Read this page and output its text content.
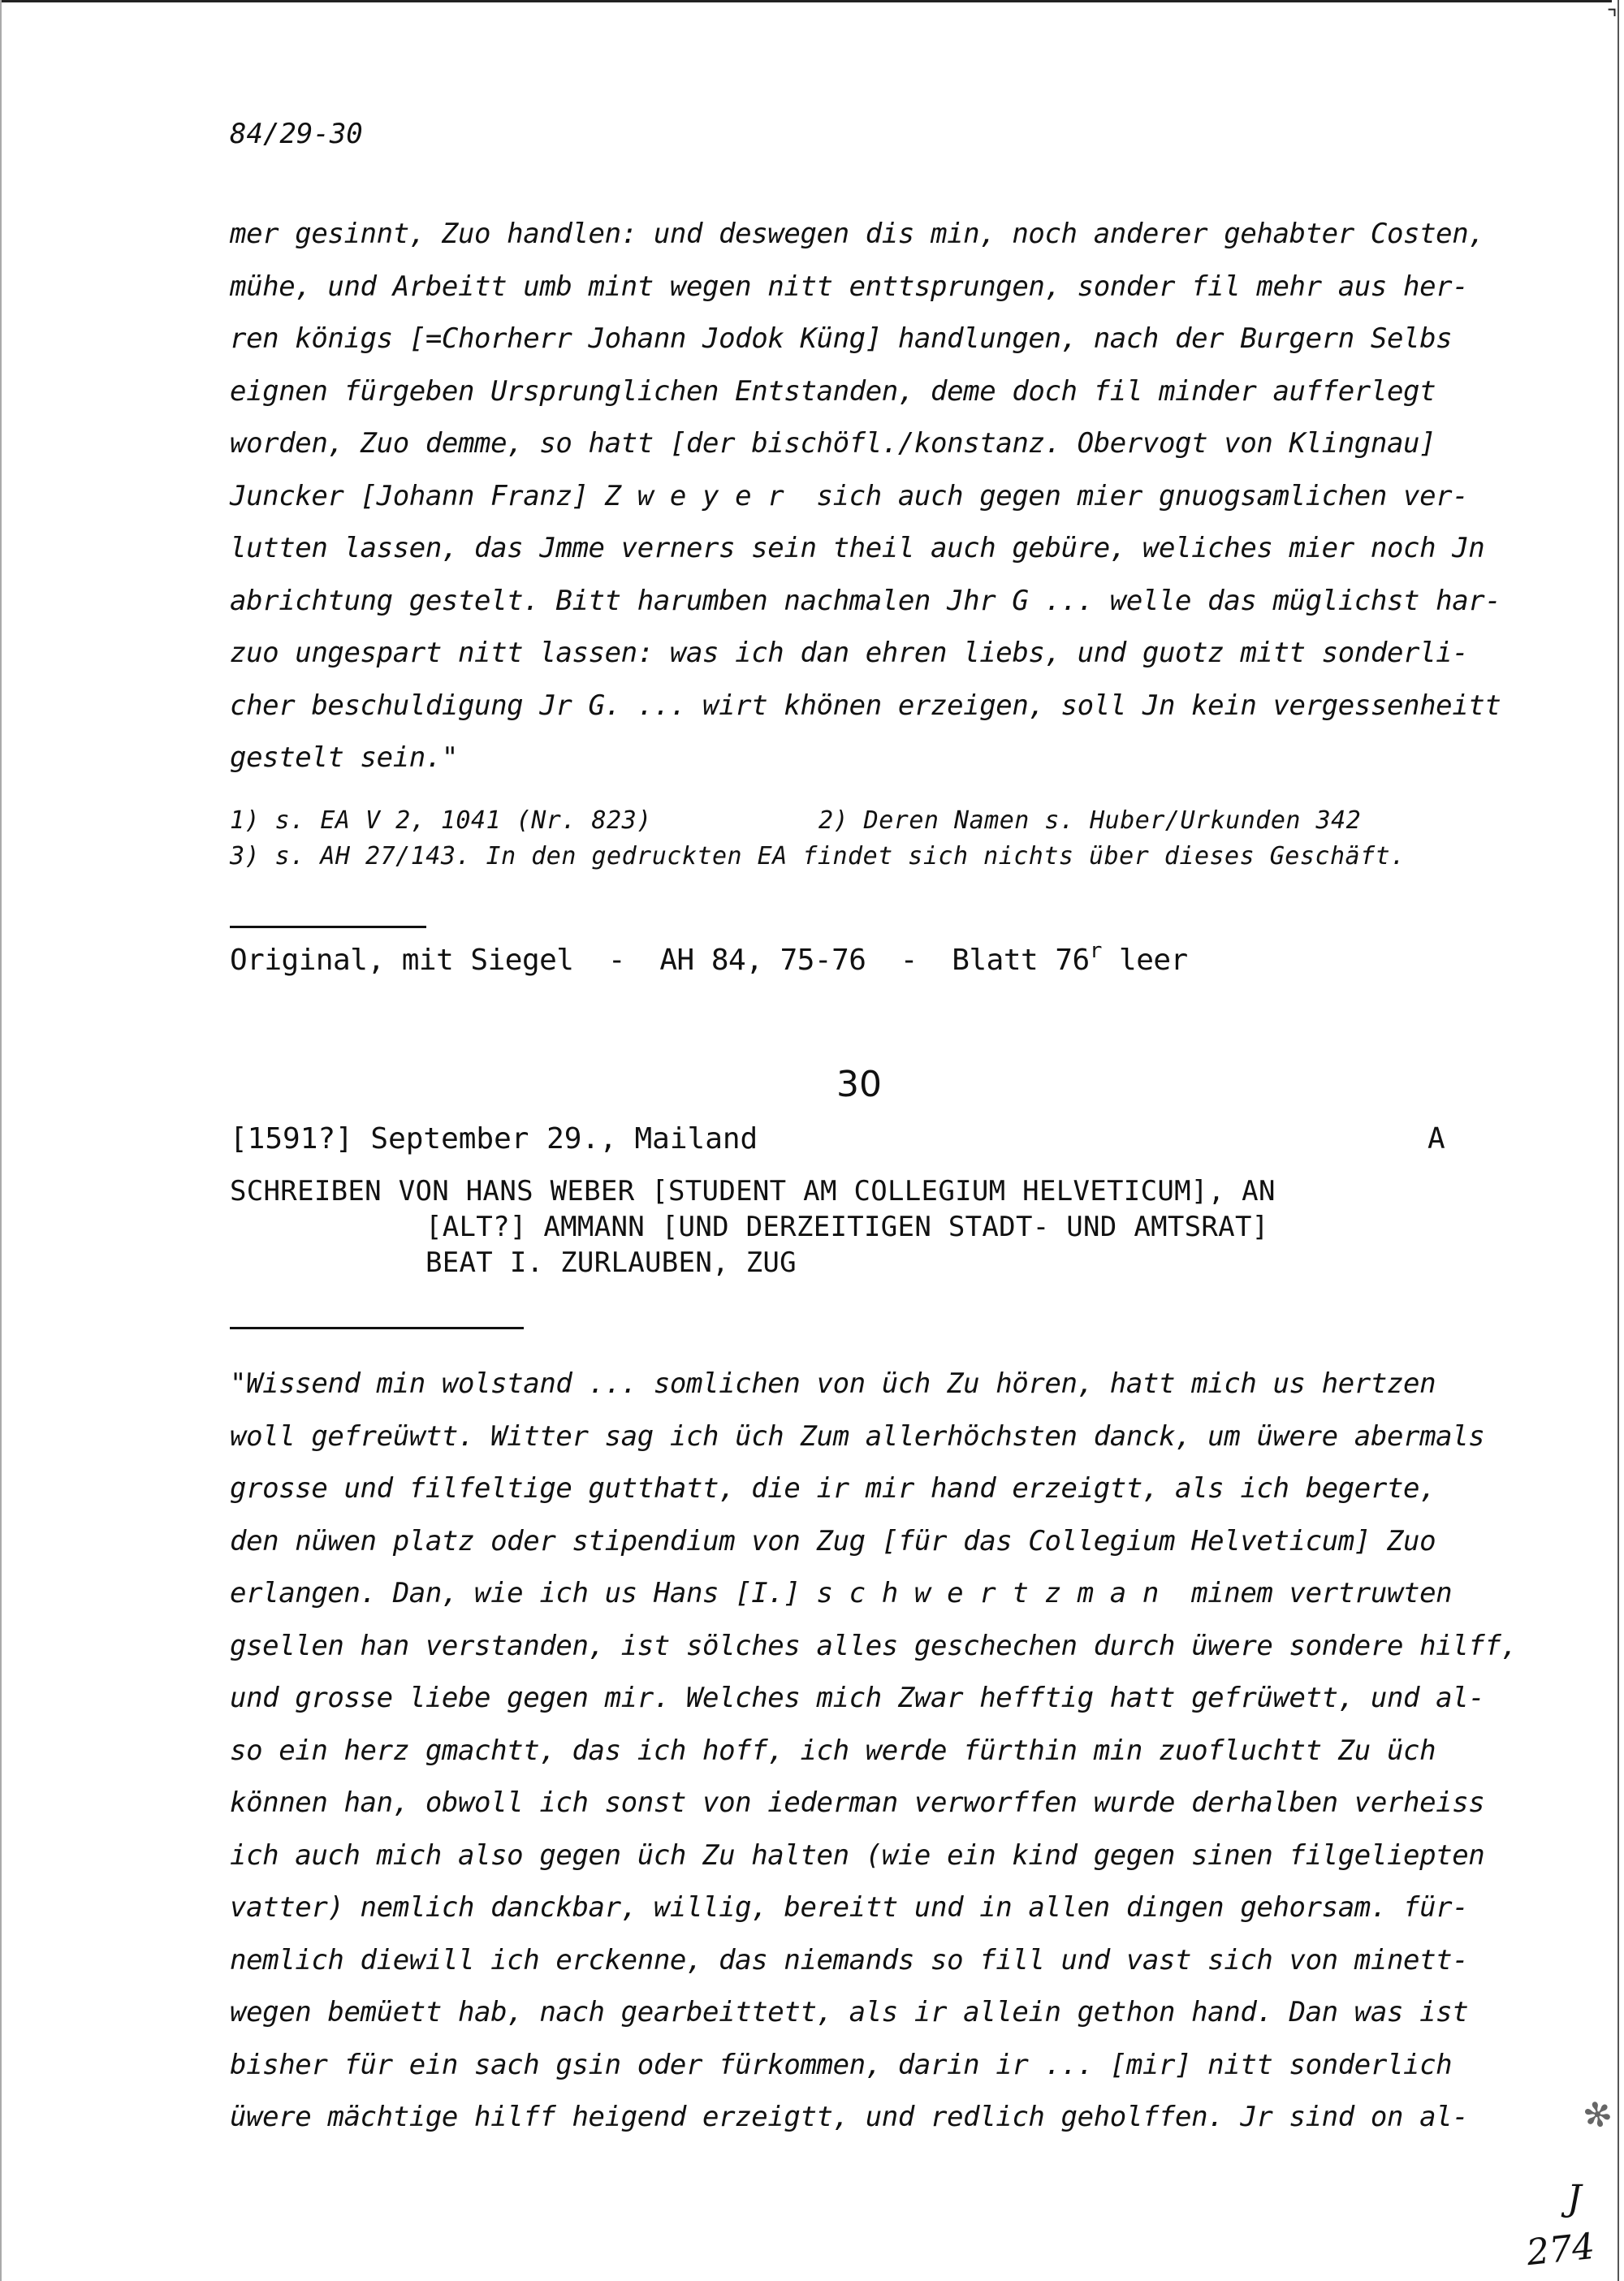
⌝
84/29-30
mer gesinnt, Zuo handlen: und deswegen dis min, noch anderer gehabter Costen,
mühe, und Arbeitt umb mint wegen nitt enttsprungen, sonder fil mehr aus her-
ren königs [=Chorherr Johann Jodok Küng] handlungen, nach der Burgern Selbs
eignen fürgeben Ursprunglichen Entstanden, deme doch fil minder aufferlegt
worden, Zuo demme, so hatt [der bischöfl./konstanz. Obervogt von Klingnau]
Juncker [Johann Franz] Z w e y e r  sich auch gegen mier gnuogsamlichen ver-
lutten lassen, das Jmme verners sein theil auch gebüre, weliches mier noch Jn
abrichtung gestelt. Bitt harumben nachmalen Jhr G ... welle das müglichst har-
zuo ungespart nitt lassen: was ich dan ehren liebs, und guotz mitt sonderli-
cher beschuldigung Jr G. ... wirt khönen erzeigen, soll Jn kein vergessenheitt
gestelt sein."
1) s. EA V 2, 1041 (Nr. 823)	2) Deren Namen s. Huber/Urkunden 342
3) s. AH 27/143. In den gedruckten EA findet sich nichts über dieses Geschäft.
Original, mit Siegel  -  AH 84, 75-76  -  Blatt 76$^r$ leer
30
[1591?] September 29., Mailand	A
SCHREIBEN VON HANS WEBER [STUDENT AM COLLEGIUM HELVETICUM], AN
[ALT?] AMMANN [UND DERZEITIGEN STADT- UND AMTSRAT]
BEAT I. ZURLAUBEN, ZUG
"Wissend min wolstand ... somlichen von üch Zu hören, hatt mich us hertzen
woll gefreüwtt. Witter sag ich üch Zum allerhöchsten danck, um üwere abermals
grosse und filfeltige gutthatt, die ir mir hand erzeigtt, als ich begerte,
den nüwen platz oder stipendium von Zug [für das Collegium Helveticum] Zuo
erlangen. Dan, wie ich us Hans [I.] s c h w e r t z m a n  minem vertruwten
gsellen han verstanden, ist sölches alles geschechen durch üwere sondere hilff,
und grosse liebe gegen mir. Welches mich Zwar hefftig hatt gefrüwett, und al-
so ein herz gmachtt, das ich hoff, ich werde fürthin min zuofluchtt Zu üch
können han, obwoll ich sonst von iederman verworffen wurde derhalben verheiss
ich auch mich also gegen üch Zu halten (wie ein kind gegen sinen filgeliepten
vatter) nemlich danckbar, willig, bereitt und in allen dingen gehorsam. für-
nemlich diewill ich erckenne, das niemands so fill und vast sich von minett-
wegen bemüett hab, nach gearbeittett, als ir allein gethon hand. Dan was ist
bisher für ein sach gsin oder fürkommen, darin ir ... [mir] nitt sonderlich
üwere mächtige hilff heigend erzeigtt, und redlich geholffen. Jr sind on al-	✻
J
274
